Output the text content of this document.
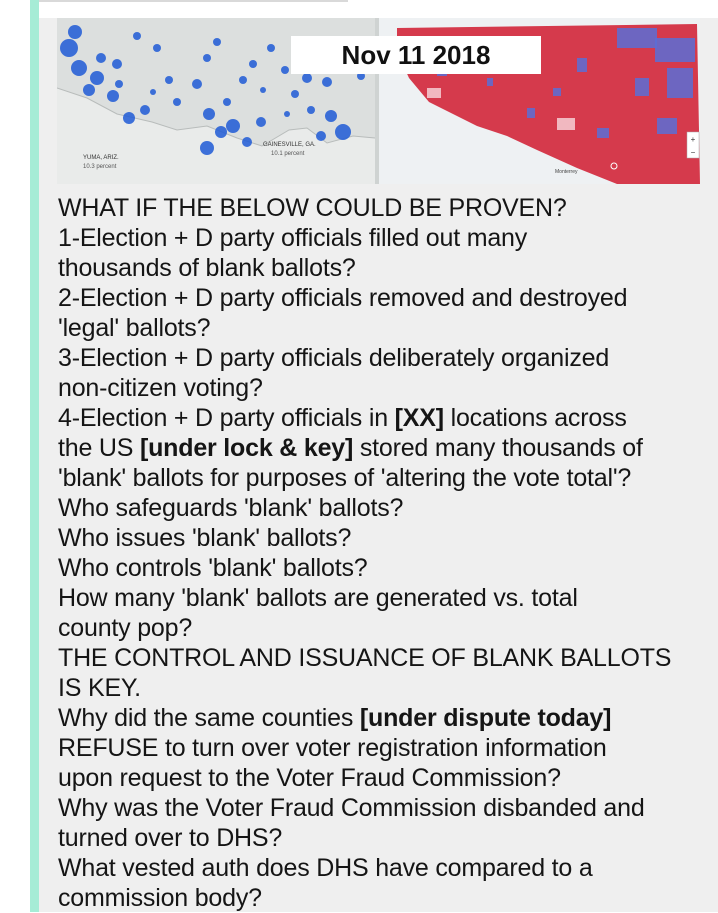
YUMA, ARIZ.
10.3 percent
GAINESVILLE, GA.
10.1 percent
Monterrey
+
−
Nov 11 2018
WHAT IF THE BELOW COULD BE PROVEN?
1-Election + D party officials filled out many
thousands of blank ballots?
2-Election + D party officials removed and destroyed
'legal' ballots?
3-Election + D party officials deliberately organized
non-citizen voting?
4-Election + D party officials in [XX] locations across
the US [under lock & key] stored many thousands of
'blank' ballots for purposes of 'altering the vote total'?
Who safeguards 'blank' ballots?
Who issues 'blank' ballots?
Who controls 'blank' ballots?
How many 'blank' ballots are generated vs. total
county pop?
THE CONTROL AND ISSUANCE OF BLANK BALLOTS
IS KEY.
Why did the same counties [under dispute today]
REFUSE to turn over voter registration information
upon request to the Voter Fraud Commission?
Why was the Voter Fraud Commission disbanded and
turned over to DHS?
What vested auth does DHS have compared to a
commission body?
